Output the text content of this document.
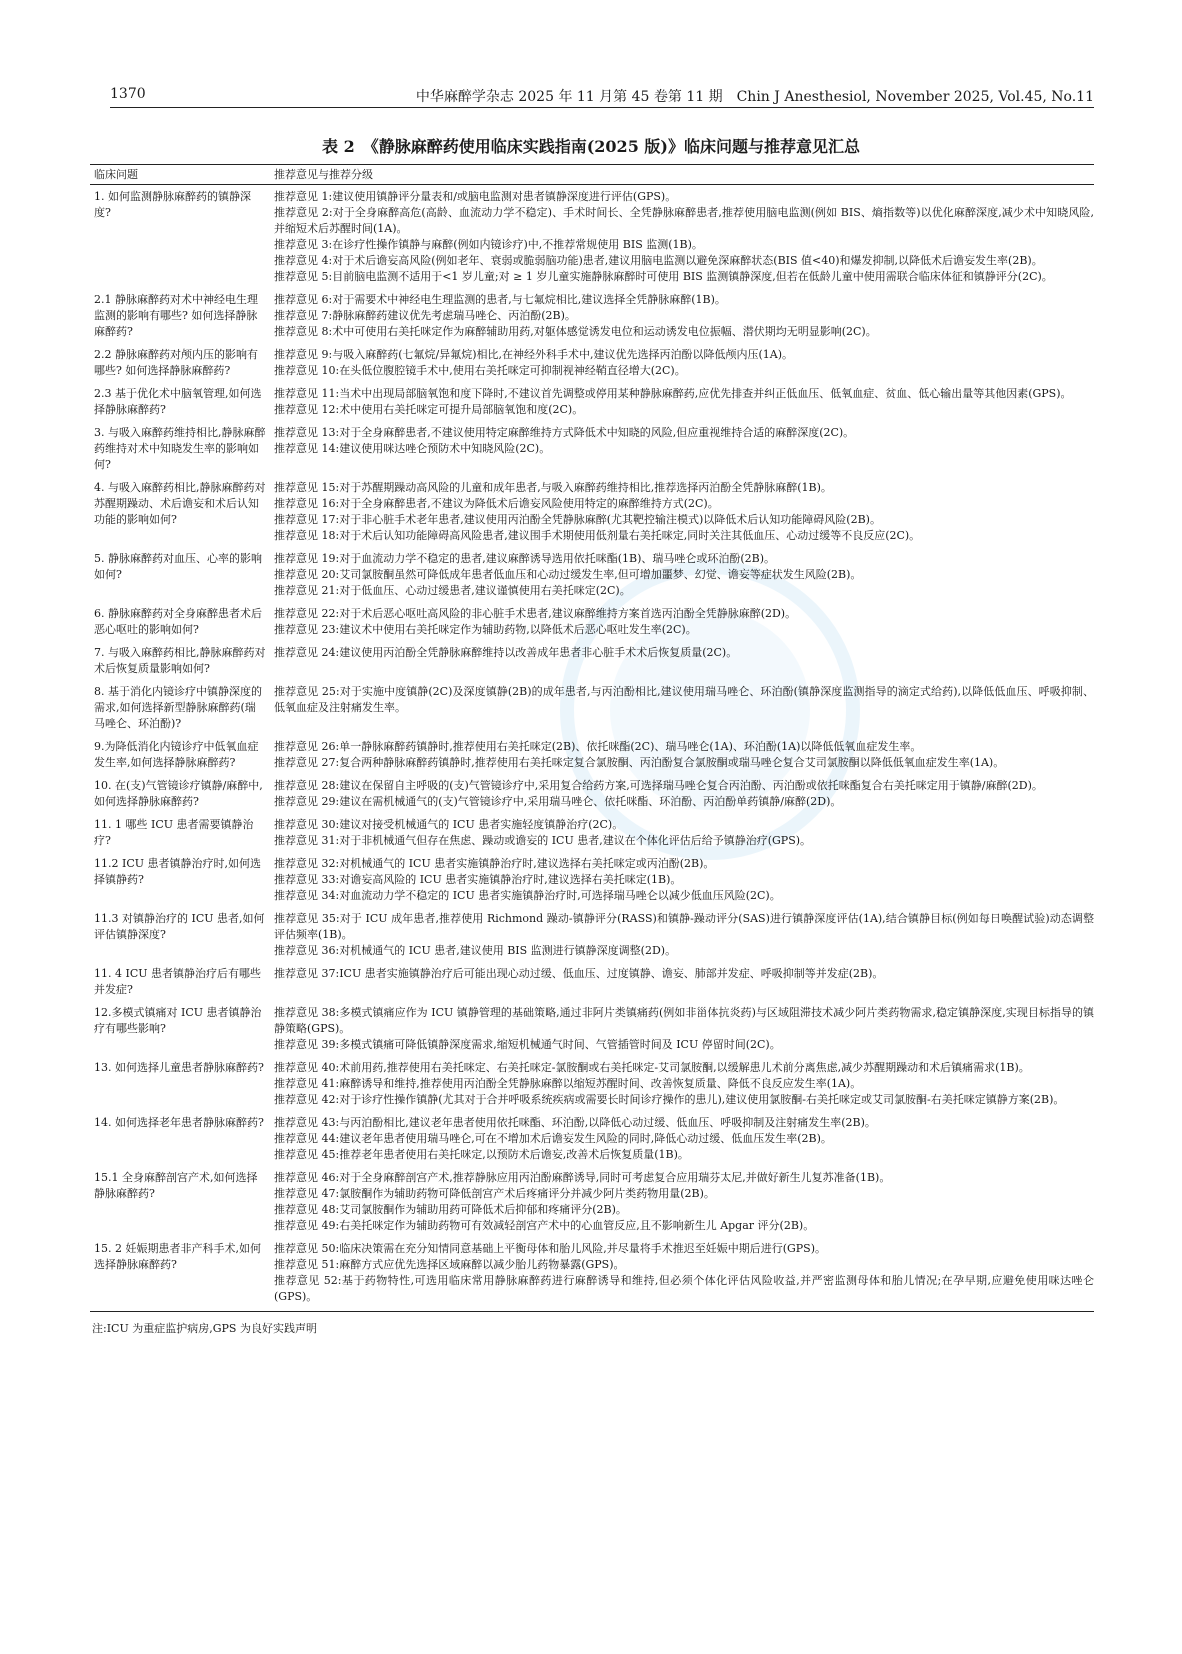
1370	中华麻醉学杂志 2025 年 11 月第 45 卷第 11 期　Chin J Anesthesiol, November 2025, Vol.45, No.11
表 2　《静脉麻醉药使用临床实践指南(2025 版)》临床问题与推荐意见汇总
临床问题	推荐意见与推荐分级
1. 如何监测静脉麻醉药的镇静深度?
推荐意见 1:建议使用镇静评分量表和/或脑电监测对患者镇静深度进行评估(GPS)。
推荐意见 2:对于全身麻醉高危(高龄、血流动力学不稳定)、手术时间长、全凭静脉麻醉患者,推荐使用脑电监测(例如 BIS、熵指数等)以优化麻醉深度,减少术中知晓风险,并缩短术后苏醒时间(1A)。
推荐意见 3:在诊疗性操作镇静与麻醉(例如内镜诊疗)中,不推荐常规使用 BIS 监测(1B)。
推荐意见 4:对于术后谵妄高风险(例如老年、衰弱或脆弱脑功能)患者,建议用脑电监测以避免深麻醉状态(BIS 值<40)和爆发抑制,以降低术后谵妄发生率(2B)。
推荐意见 5:目前脑电监测不适用于<1 岁儿童;对 ≥ 1 岁儿童实施静脉麻醉时可使用 BIS 监测镇静深度,但若在低龄儿童中使用需联合临床体征和镇静评分(2C)。
2.1 静脉麻醉药对术中神经电生理监测的影响有哪些? 如何选择静脉麻醉药?
推荐意见 6:对于需要术中神经电生理监测的患者,与七氟烷相比,建议选择全凭静脉麻醉(1B)。
推荐意见 7:静脉麻醉药建议优先考虑瑞马唑仑、丙泊酚(2B)。
推荐意见 8:术中可使用右美托咪定作为麻醉辅助用药,对躯体感觉诱发电位和运动诱发电位振幅、潜伏期均无明显影响(2C)。
2.2 静脉麻醉药对颅内压的影响有哪些? 如何选择静脉麻醉药?
推荐意见 9:与吸入麻醉药(七氟烷/异氟烷)相比,在神经外科手术中,建议优先选择丙泊酚以降低颅内压(1A)。
推荐意见 10:在头低位腹腔镜手术中,使用右美托咪定可抑制视神经鞘直径增大(2C)。
2.3 基于优化术中脑氧管理,如何选择静脉麻醉药?
推荐意见 11:当术中出现局部脑氧饱和度下降时,不建议首先调整或停用某种静脉麻醉药,应优先排查并纠正低血压、低氧血症、贫血、低心输出量等其他因素(GPS)。
推荐意见 12:术中使用右美托咪定可提升局部脑氧饱和度(2C)。
3. 与吸入麻醉药维持相比,静脉麻醉药维持对术中知晓发生率的影响如何?
推荐意见 13:对于全身麻醉患者,不建议使用特定麻醉维持方式降低术中知晓的风险,但应重视维持合适的麻醉深度(2C)。
推荐意见 14:建议使用咪达唑仑预防术中知晓风险(2C)。
4. 与吸入麻醉药相比,静脉麻醉药对苏醒期躁动、术后谵妄和术后认知功能的影响如何?
推荐意见 15:对于苏醒期躁动高风险的儿童和成年患者,与吸入麻醉药维持相比,推荐选择丙泊酚全凭静脉麻醉(1B)。
推荐意见 16:对于全身麻醉患者,不建议为降低术后谵妄风险使用特定的麻醉维持方式(2C)。
推荐意见 17:对于非心脏手术老年患者,建议使用丙泊酚全凭静脉麻醉(尤其靶控输注模式)以降低术后认知功能障碍风险(2B)。
推荐意见 18:对于术后认知功能障碍高风险患者,建议围手术期使用低剂量右美托咪定,同时关注其低血压、心动过缓等不良反应(2C)。
5. 静脉麻醉药对血压、心率的影响如何?
推荐意见 19:对于血流动力学不稳定的患者,建议麻醉诱导选用依托咪酯(1B)、瑞马唑仑或环泊酚(2B)。
推荐意见 20:艾司氯胺酮虽然可降低成年患者低血压和心动过缓发生率,但可增加噩梦、幻觉、谵妄等症状发生风险(2B)。
推荐意见 21:对于低血压、心动过缓患者,建议谨慎使用右美托咪定(2C)。
6. 静脉麻醉药对全身麻醉患者术后恶心呕吐的影响如何?
推荐意见 22:对于术后恶心呕吐高风险的非心脏手术患者,建议麻醉维持方案首选丙泊酚全凭静脉麻醉(2D)。
推荐意见 23:建议术中使用右美托咪定作为辅助药物,以降低术后恶心呕吐发生率(2C)。
7. 与吸入麻醉药相比,静脉麻醉药对术后恢复质量影响如何?
推荐意见 24:建议使用丙泊酚全凭静脉麻醉维持以改善成年患者非心脏手术术后恢复质量(2C)。
8. 基于消化内镜诊疗中镇静深度的需求,如何选择新型静脉麻醉药(瑞马唑仑、环泊酚)?
推荐意见 25:对于实施中度镇静(2C)及深度镇静(2B)的成年患者,与丙泊酚相比,建议使用瑞马唑仑、环泊酚(镇静深度监测指导的滴定式给药),以降低低血压、呼吸抑制、低氧血症及注射痛发生率。
9.为降低消化内镜诊疗中低氧血症发生率,如何选择静脉麻醉药?
推荐意见 26:单一静脉麻醉药镇静时,推荐使用右美托咪定(2B)、依托咪酯(2C)、瑞马唑仑(1A)、环泊酚(1A)以降低低氧血症发生率。
推荐意见 27:复合两种静脉麻醉药镇静时,推荐使用右美托咪定复合氯胺酮、丙泊酚复合氯胺酮或瑞马唑仑复合艾司氯胺酮以降低低氧血症发生率(1A)。
10. 在(支)气管镜诊疗镇静/麻醉中,如何选择静脉麻醉药?
推荐意见 28:建议在保留自主呼吸的(支)气管镜诊疗中,采用复合给药方案,可选择瑞马唑仑复合丙泊酚、丙泊酚或依托咪酯复合右美托咪定用于镇静/麻醉(2D)。
推荐意见 29:建议在需机械通气的(支)气管镜诊疗中,采用瑞马唑仑、依托咪酯、环泊酚、丙泊酚单药镇静/麻醉(2D)。
11. 1 哪些 ICU 患者需要镇静治疗?
推荐意见 30:建议对接受机械通气的 ICU 患者实施轻度镇静治疗(2C)。
推荐意见 31:对于非机械通气但存在焦虑、躁动或谵妄的 ICU 患者,建议在个体化评估后给予镇静治疗(GPS)。
11.2 ICU 患者镇静治疗时,如何选择镇静药?
推荐意见 32:对机械通气的 ICU 患者实施镇静治疗时,建议选择右美托咪定或丙泊酚(2B)。
推荐意见 33:对谵妄高风险的 ICU 患者实施镇静治疗时,建议选择右美托咪定(1B)。
推荐意见 34:对血流动力学不稳定的 ICU 患者实施镇静治疗时,可选择瑞马唑仑以减少低血压风险(2C)。
11.3 对镇静治疗的 ICU 患者,如何评估镇静深度?
推荐意见 35:对于 ICU 成年患者,推荐使用 Richmond 躁动-镇静评分(RASS)和镇静-躁动评分(SAS)进行镇静深度评估(1A),结合镇静目标(例如每日唤醒试验)动态调整评估频率(1B)。
推荐意见 36:对机械通气的 ICU 患者,建议使用 BIS 监测进行镇静深度调整(2D)。
11. 4 ICU 患者镇静治疗后有哪些并发症?
推荐意见 37:ICU 患者实施镇静治疗后可能出现心动过缓、低血压、过度镇静、谵妄、肺部并发症、呼吸抑制等并发症(2B)。
12.多模式镇痛对 ICU 患者镇静治疗有哪些影响?
推荐意见 38:多模式镇痛应作为 ICU 镇静管理的基础策略,通过非阿片类镇痛药(例如非甾体抗炎药)与区域阻滞技术减少阿片类药物需求,稳定镇静深度,实现目标指导的镇静策略(GPS)。
推荐意见 39:多模式镇痛可降低镇静深度需求,缩短机械通气时间、气管插管时间及 ICU 停留时间(2C)。
13. 如何选择儿童患者静脉麻醉药? 推荐意见 40:术前用药,推荐使用右美托咪定、右美托咪定-氯胺酮或右美托咪定-艾司氯胺酮,以缓解患儿术前分离焦虑,减少苏醒期躁动和术后镇痛需求(1B)。
推荐意见 41:麻醉诱导和维持,推荐使用丙泊酚全凭静脉麻醉以缩短苏醒时间、改善恢复质量、降低不良反应发生率(1A)。
推荐意见 42:对于诊疗性操作镇静(尤其对于合并呼吸系统疾病或需要长时间诊疗操作的患儿),建议使用氯胺酮-右美托咪定或艾司氯胺酮-右美托咪定镇静方案(2B)。
14. 如何选择老年患者静脉麻醉药? 推荐意见 43:与丙泊酚相比,建议老年患者使用依托咪酯、环泊酚,以降低心动过缓、低血压、呼吸抑制及注射痛发生率(2B)。
推荐意见 44:建议老年患者使用瑞马唑仑,可在不增加术后谵妄发生风险的同时,降低心动过缓、低血压发生率(2B)。
推荐意见 45:推荐老年患者使用右美托咪定,以预防术后谵妄,改善术后恢复质量(1B)。
15.1 全身麻醉剖宫产术,如何选择静脉麻醉药?
推荐意见 46:对于全身麻醉剖宫产术,推荐静脉应用丙泊酚麻醉诱导,同时可考虑复合应用瑞芬太尼,并做好新生儿复苏准备(1B)。
推荐意见 47:氯胺酮作为辅助药物可降低剖宫产术后疼痛评分并减少阿片类药物用量(2B)。
推荐意见 48:艾司氯胺酮作为辅助用药可降低术后抑郁和疼痛评分(2B)。
推荐意见 49:右美托咪定作为辅助药物可有效减轻剖宫产术中的心血管反应,且不影响新生儿 Apgar 评分(2B)。
15. 2 妊娠期患者非产科手术,如何选择静脉麻醉药?
推荐意见 50:临床决策需在充分知情同意基础上平衡母体和胎儿风险,并尽量将手术推迟至妊娠中期后进行(GPS)。
推荐意见 51:麻醉方式应优先选择区域麻醉以减少胎儿药物暴露(GPS)。
推荐意见 52:基于药物特性,可选用临床常用静脉麻醉药进行麻醉诱导和维持,但必须个体化评估风险收益,并严密监测母体和胎儿情况;在孕早期,应避免使用咪达唑仑(GPS)。
注:ICU 为重症监护病房,GPS 为良好实践声明
